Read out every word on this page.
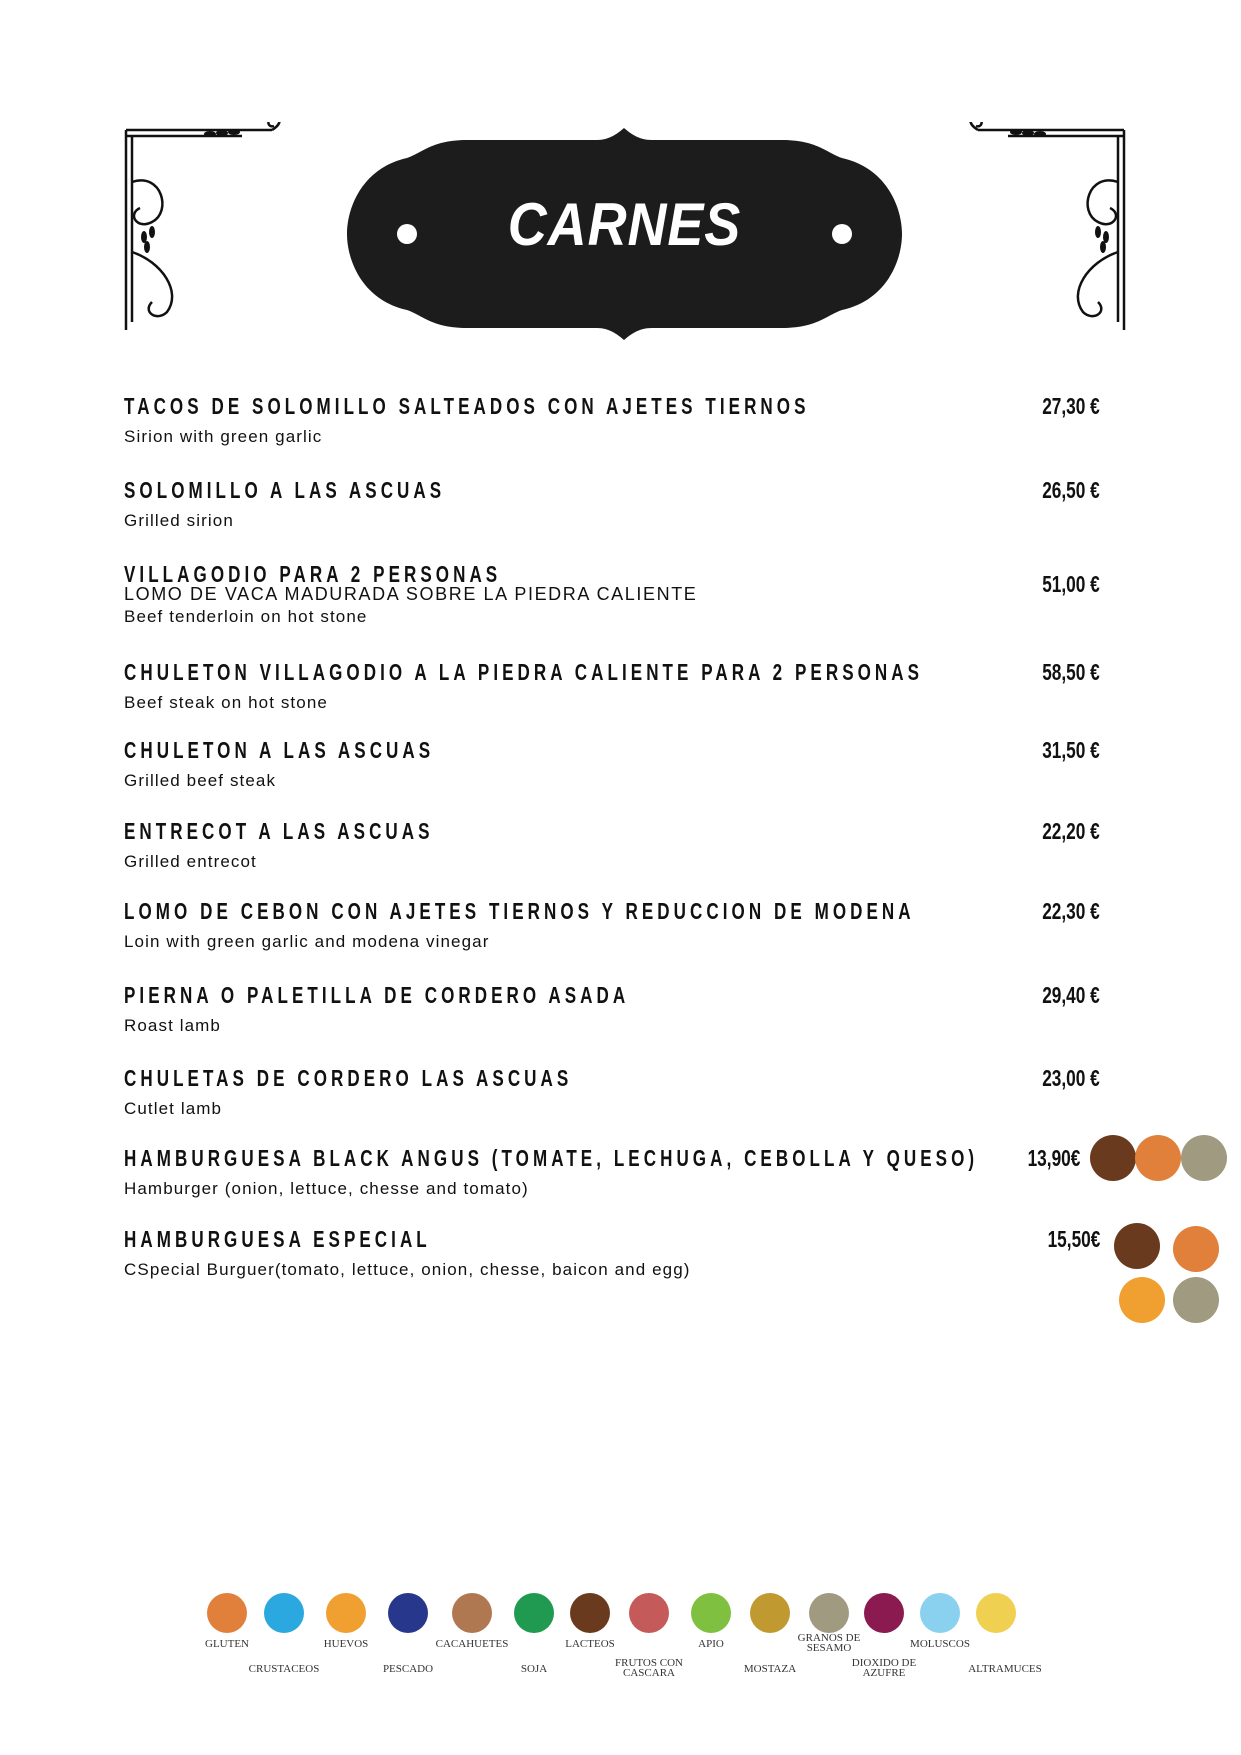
CARNES
TACOS DE SOLOMILLO SALTEADOS CON AJETES TIERNOS
Sirion with green garlic
27,30 €
SOLOMILLO A LAS ASCUAS
Grilled sirion
26,50 €
VILLAGODIO PARA 2 PERSONAS
LOMO DE VACA MADURADA SOBRE LA PIEDRA CALIENTE
Beef tenderloin on hot stone
51,00 €
CHULETON VILLAGODIO A LA PIEDRA CALIENTE PARA 2 PERSONAS
Beef steak on hot stone
58,50 €
CHULETON A LAS ASCUAS
Grilled beef steak
31,50 €
ENTRECOT A LAS ASCUAS
Grilled entrecot
22,20 €
LOMO DE CEBON CON AJETES TIERNOS Y REDUCCION DE MODENA
Loin with green garlic and modena vinegar
22,30 €
PIERNA O PALETILLA DE CORDERO ASADA
Roast lamb
29,40 €
CHULETAS DE CORDERO LAS ASCUAS
Cutlet lamb
23,00 €
HAMBURGUESA BLACK ANGUS (TOMATE, LECHUGA, CEBOLLA Y QUESO)
Hamburger (onion, lettuce, chesse and tomato)
13,90€
HAMBURGUESA ESPECIAL
CSpecial Burguer(tomato, lettuce, onion, chesse, baicon and egg)
15,50€
GLUTEN
CRUSTACEOS
HUEVOS
PESCADO
CACAHUETES
SOJA
LACTEOS
FRUTOS CON CASCARA
APIO
MOSTAZA
GRANOS DE SESAMO
DIOXIDO DE AZUFRE
MOLUSCOS
ALTRAMUCES
